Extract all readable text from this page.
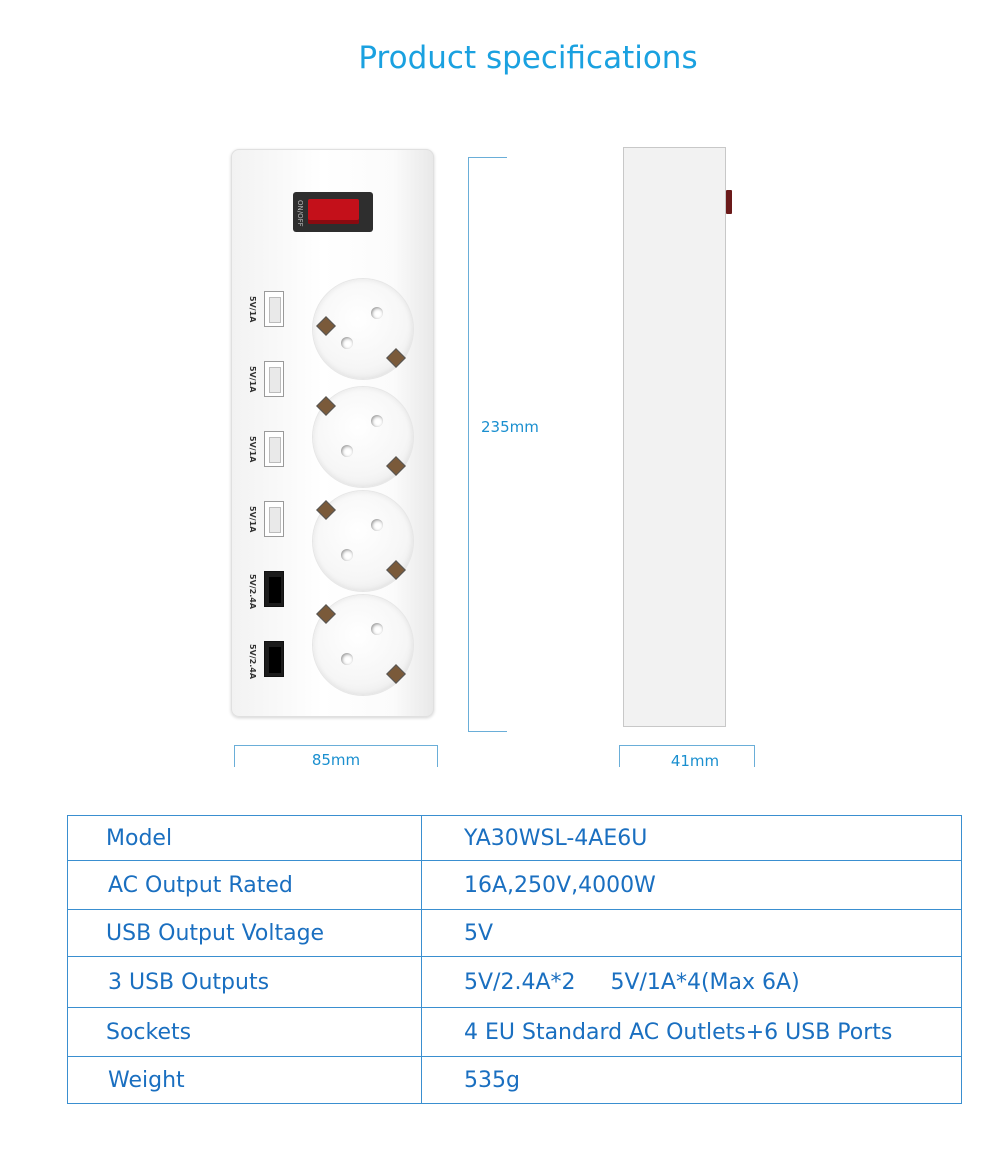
Product specifications
ON/OFF
5V/1A
5V/1A
5V/1A
5V/1A
5V/2.4A
5V/2.4A
235mm
85mm	41mm
Model	YA30WSL-4AE6U
AC Output Rated	16A,250V,4000W
USB Output Voltage	5V
3 USB Outputs	5V/2.4A*2     5V/1A*4(Max 6A)
Sockets	4 EU Standard AC Outlets+6 USB Ports
Weight	535g
